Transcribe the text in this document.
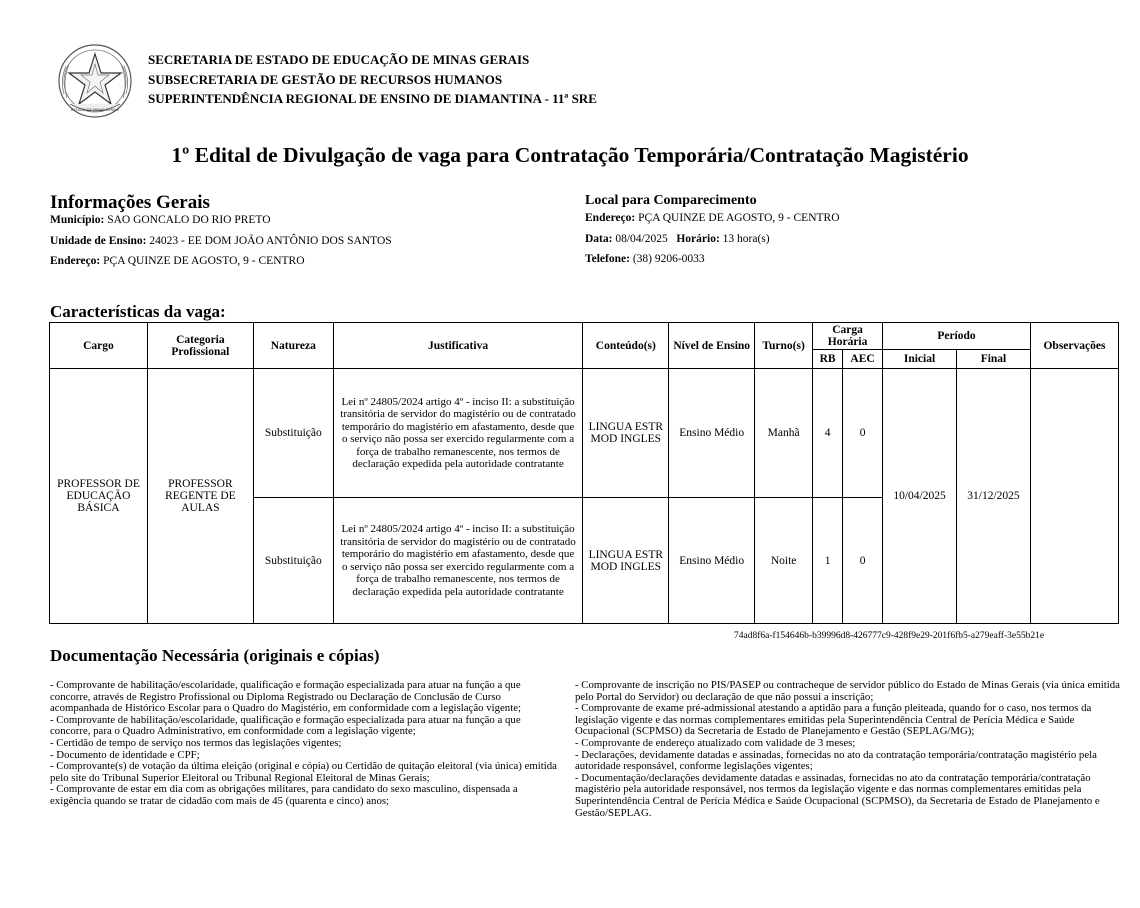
ESTADO DE MINAS GERAIS
SECRETARIA DE ESTADO DE EDUCAÇÃO DE MINAS GERAIS
SUBSECRETARIA DE GESTÃO DE RECURSOS HUMANOS
SUPERINTENDÊNCIA REGIONAL DE ENSINO DE DIAMANTINA - 11ª SRE
1º Edital de Divulgação de vaga para Contratação Temporária/Contratação Magistério
Informações Gerais
Município: SAO GONCALO DO RIO PRETO
Unidade de Ensino: 24023 - EE DOM JOÃO ANTÔNIO DOS SANTOS
Endereço: PÇA QUINZE DE AGOSTO, 9 - CENTRO
Local para Comparecimento
Endereço: PÇA QUINZE DE AGOSTO, 9 - CENTRO
Data: 08/04/2025 Horário: 13 hora(s)
Telefone: (38) 9206-0033
Características da vaga:
Cargo	Categoria Profissional	Natureza	Justificativa	Conteúdo(s)	Nível de Ensino	Turno(s)	Carga Horária		Período		Observações
							RB	AEC	Inicial	Final	
PROFESSOR DE EDUCAÇÃO BÁSICA	PROFESSOR REGENTE DE AULAS	Substituição	Lei nº 24805/2024 artigo 4º - inciso II: a substituição transitória de servidor do magistério ou de contratado temporário do magistério em afastamento, desde que o serviço não possa ser exercido regularmente com a força de trabalho remanescente, nos termos de declaração expedida pela autoridade contratante	LINGUA ESTR MOD INGLES	Ensino Médio	Manhã	4	0	10/04/2025	31/12/2025	
		Substituição	Lei nº 24805/2024 artigo 4º - inciso II: a substituição transitória de servidor do magistério ou de contratado temporário do magistério em afastamento, desde que o serviço não possa ser exercido regularmente com a força de trabalho remanescente, nos termos de declaração expedida pela autoridade contratante	LINGUA ESTR MOD INGLES	Ensino Médio	Noite	1	0			
74ad8f6a-f154646b-b39996d8-426777c9-428f9e29-201f6fb5-a279eaff-3e55b21e
Documentação Necessária (originais e cópias)

- Comprovante de habilitação/escolaridade, qualificação e formação especializada para atuar na função a que concorre, através de Registro Profissional ou Diploma Registrado ou Declaração de Conclusão de Curso acompanhada de Histórico Escolar para o Quadro do Magistério, em conformidade com a legislação vigente;

- Comprovante de habilitação/escolaridade, qualificação e formação especializada para atuar na função a que concorre, para o Quadro Administrativo, em conformidade com a legislação vigente;

- Certidão de tempo de serviço nos termos das legislações vigentes;

- Documento de identidade e CPF;

- Comprovante(s) de votação da última eleição (original e cópia) ou Certidão de quitação eleitoral (via única) emitida pelo site do Tribunal Superior Eleitoral ou Tribunal Regional Eleitoral de Minas Gerais;

- Comprovante de estar em dia com as obrigações militares, para candidato do sexo masculino, dispensada a exigência quando se tratar de cidadão com mais de 45 (quarenta e cinco) anos;

- Comprovante de inscrição no PIS/PASEP ou contracheque de servidor público do Estado de Minas Gerais (via única emitida pelo Portal do Servidor) ou declaração de que não possui a inscrição;

- Comprovante de exame pré-admissional atestando a aptidão para a função pleiteada, quando for o caso, nos termos da legislação vigente e das normas complementares emitidas pela Superintendência Central de Perícia Médica e Saúde Ocupacional (SCPMSO) da Secretaria de Estado de Planejamento e Gestão (SEPLAG/MG);

- Comprovante de endereço atualizado com validade de 3 meses;

- Declarações, devidamente datadas e assinadas, fornecidas no ato da contratação temporária/contratação magistério pela autoridade responsável, conforme legislações vigentes;

- Documentação/declarações devidamente datadas e assinadas, fornecidas no ato da contratação temporária/contratação magistério pela autoridade responsável, nos termos da legislação vigente e das normas complementares emitidas pela Superintendência Central de Perícia Médica e Saúde Ocupacional (SCPMSO), da Secretaria de Estado de Planejamento e Gestão/SEPLAG.
